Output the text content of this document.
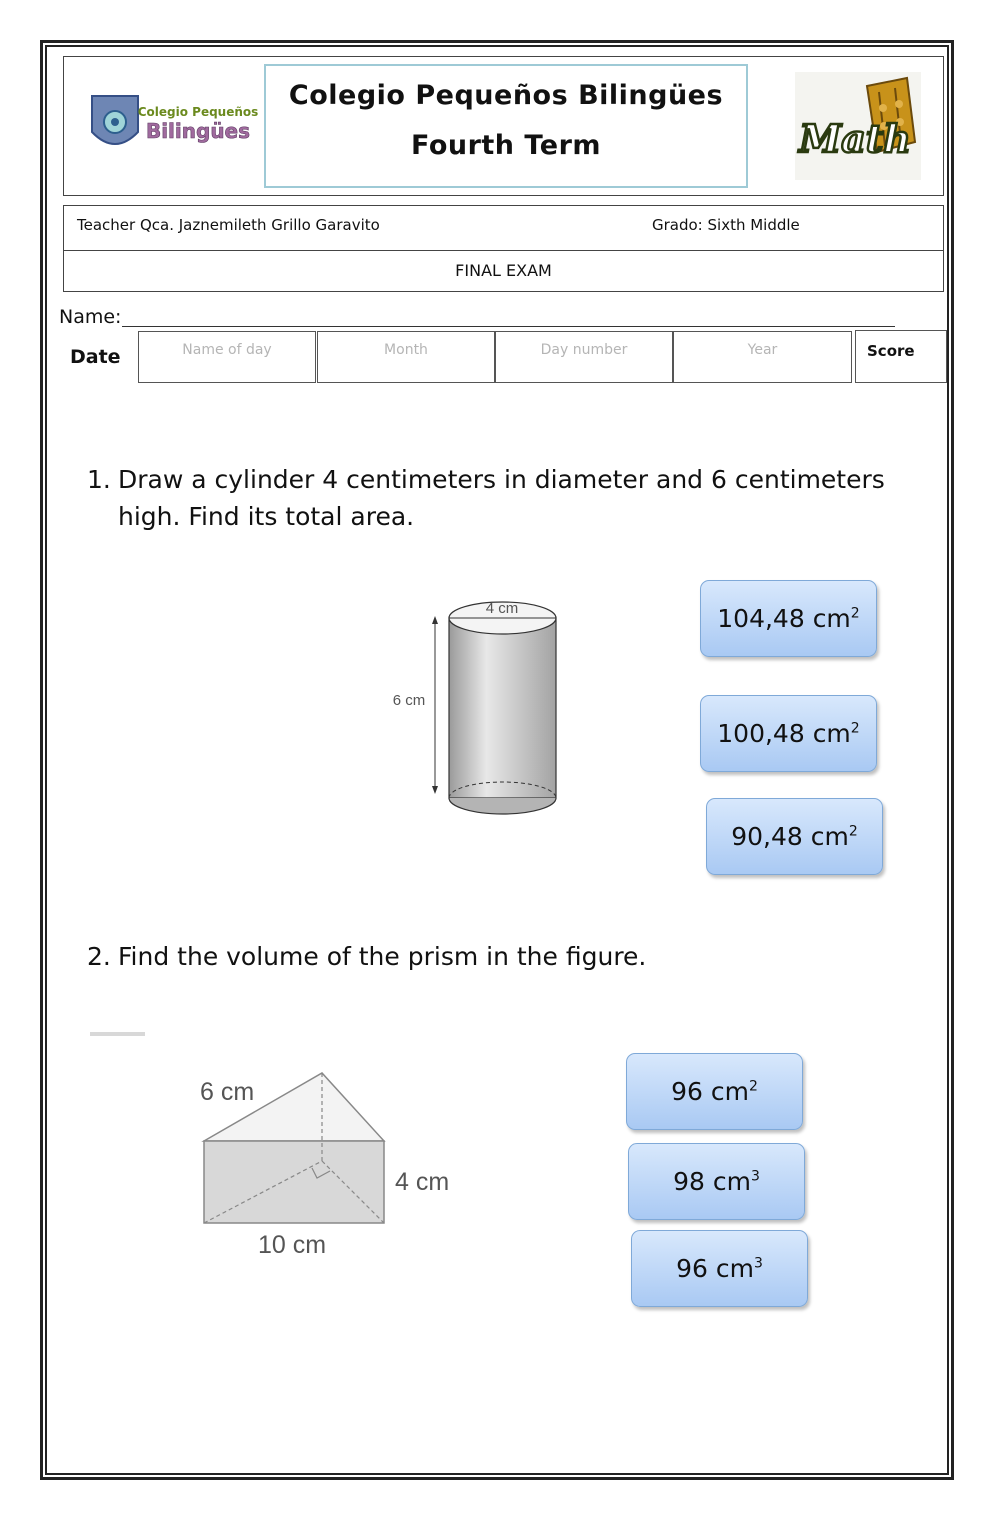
Colegio Pequeños
Bilingües
Colegio Pequeños Bilingües
Fourth Term	Math
Teacher Qca. Jaznemileth Grillo Garavito	Grado: Sixth Middle
FINAL EXAM
Name:
Date	Name of day	Month	Day number	Year	Score
1. Draw a cylinder 4 centimeters in diameter and 6 centimeters high. Find its total area.
4 cm
6 cm
104,48 $cm^2$
100,48 $cm^2$
90,48 $cm^2$
2. Find the volume of the prism in the figure.
6 cm
4 cm
10 cm
96 $cm^2$
98 $cm^3$
96 $cm^3$
